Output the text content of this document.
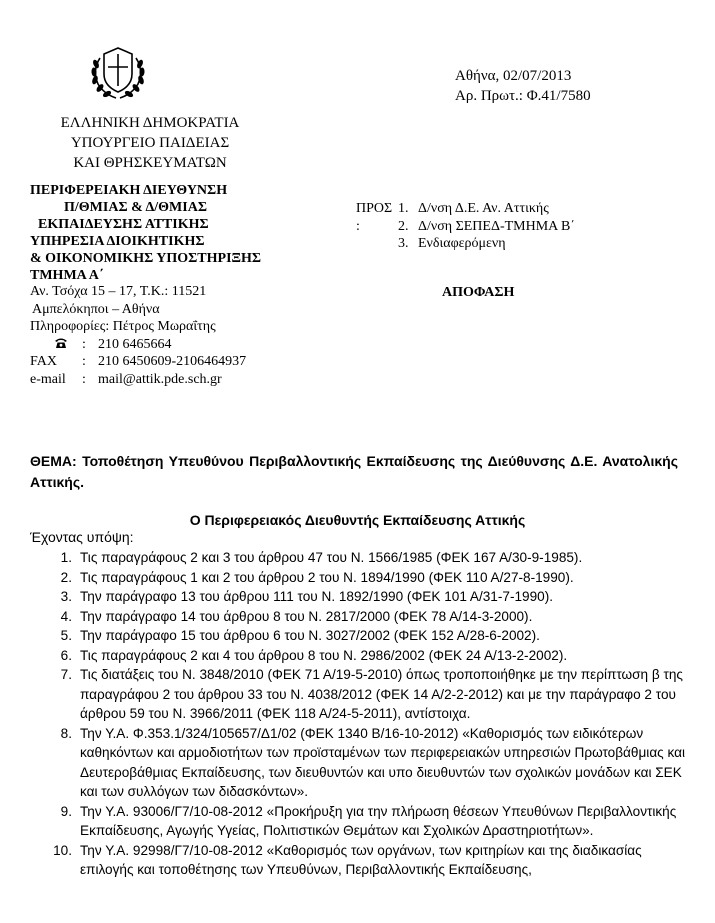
ΕΛΛΗΝΙΚΗ ΔΗΜΟΚΡΑΤΙΑ
ΥΠΟΥΡΓΕΙΟ ΠΑΙΔΕΙΑΣ
ΚΑΙ ΘΡΗΣΚΕΥΜΑΤΩΝ
Αθήνα, 02/07/2013
Αρ. Πρωτ.: Φ.41/7580
ΠΕΡΙΦΕΡΕΙΑΚΗ ΔΙΕΥΘΥΝΣΗ
Π/ΘΜΙΑΣ & Δ/ΘΜΙΑΣ
ΕΚΠΑΙΔΕΥΣΗΣ ΑΤΤΙΚΗΣ
ΥΠΗΡΕΣΙΑ ΔΙΟΙΚΗΤΙΚΗΣ
& ΟΙΚΟΝΟΜΙΚΗΣ ΥΠΟΣΤΗΡΙΞΗΣ
ΤΜΗΜΑ Α΄
Αν. Τσόχα 15 – 17, Τ.Κ.: 11521
Αμπελόκηποι – Αθήνα
Πληροφορίες: Πέτρος Μωραΐτης
: 210 6465664
FAX	: 210 6450609-2106464937
e-mail	: mail@attik.pde.sch.gr
ΠΡΟΣ :
1. Δ/νση Δ.Ε. Αν. Αττικής
2. Δ/νση ΣΕΠΕΔ-ΤΜΗΜΑ Β΄
3. Ενδιαφερόμενη
ΑΠΟΦΑΣΗ
ΘΕΜΑ: Τοποθέτηση Υπευθύνου Περιβαλλοντικής Εκπαίδευσης της Διεύθυνσης Δ.Ε. Ανατολικής Αττικής.
Ο Περιφερειακός Διευθυντής Εκπαίδευσης Αττικής
Έχοντας υπόψη:
1. Τις παραγράφους 2 και 3 του άρθρου 47 του Ν. 1566/1985 (ΦΕΚ 167 Α/30-9-1985).
2. Τις παραγράφους 1 και 2 του άρθρου 2 του Ν. 1894/1990 (ΦΕΚ 110 Α/27-8-1990).
3. Την παράγραφο 13 του άρθρου 111 του Ν. 1892/1990 (ΦΕΚ 101 Α/31-7-1990).
4. Την παράγραφο 14 του άρθρου 8 του Ν. 2817/2000 (ΦΕΚ 78 Α/14-3-2000).
5. Την παράγραφο 15 του άρθρου 6 του Ν. 3027/2002 (ΦΕΚ 152 Α/28-6-2002).
6. Τις παραγράφους 2 και 4 του άρθρου 8 του Ν. 2986/2002 (ΦΕΚ 24 Α/13-2-2002).
7. Τις διατάξεις του Ν. 3848/2010 (ΦΕΚ 71 Α/19-5-2010) όπως τροποποιήθηκε με την περίπτωση β της παραγράφου 2 του άρθρου 33 του Ν. 4038/2012 (ΦΕΚ 14 Α/2-2-2012) και με την παράγραφο 2 του άρθρου 59 του Ν. 3966/2011 (ΦΕΚ 118 Α/24-5-2011), αντίστοιχα.
8. Την Υ.Α. Φ.353.1/324/105657/Δ1/02 (ΦΕΚ 1340 Β/16-10-2012) «Καθορισμός των ειδικότερων καθηκόντων και αρμοδιοτήτων των προϊσταμένων των περιφερειακών υπηρεσιών Πρωτοβάθμιας και Δευτεροβάθμιας Εκπαίδευσης, των διευθυντών και υπο διευθυντών των σχολικών μονάδων και ΣΕΚ και των συλλόγων των διδασκόντων».
9. Την Υ.Α. 93006/Γ7/10-08-2012 «Προκήρυξη για την πλήρωση θέσεων Υπευθύνων Περιβαλλοντικής Εκπαίδευσης, Αγωγής Υγείας, Πολιτιστικών Θεμάτων και Σχολικών Δραστηριοτήτων».
10. Την Υ.Α. 92998/Γ7/10-08-2012 «Καθορισμός των οργάνων, των κριτηρίων και της διαδικασίας επιλογής και τοποθέτησης των Υπευθύνων, Περιβαλλοντικής Εκπαίδευσης,
